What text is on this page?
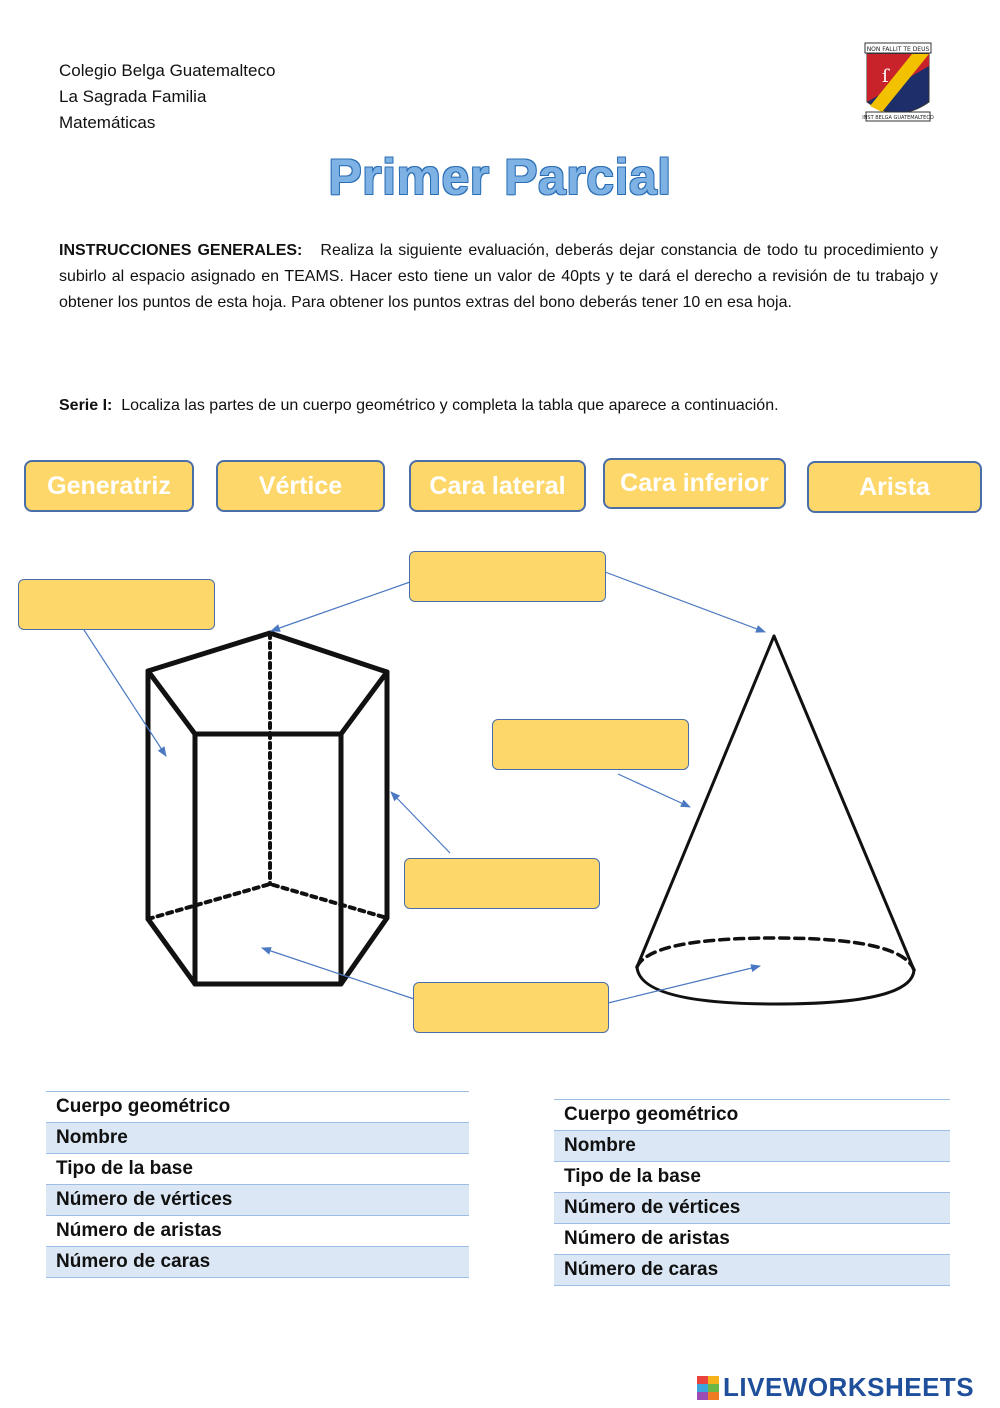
Colegio Belga Guatemalteco
La Sagrada Familia
Matemáticas
NON FALLIT TE DEUS
ſ
INST BELGA GUATEMALTECO
Primer Parcial
INSTRUCCIONES GENERALES: Realiza la siguiente evaluación, deberás dejar constancia de todo tu procedimiento y subirlo al espacio asignado en TEAMS. Hacer esto tiene un valor de 40pts y te dará el derecho a revisión de tu trabajo y obtener los puntos de esta hoja. Para obtener los puntos extras del bono deberás tener 10 en esa hoja.
Serie I: Localiza las partes de un cuerpo geométrico y completa la tabla que aparece a continuación.
Generatriz	Vértice	Cara lateral	Cara inferior	Arista
Cuerpo geométrico
Nombre
Tipo de la base
Número de vértices
Número de aristas
Número de caras
Cuerpo geométrico
Nombre
Tipo de la base
Número de vértices
Número de aristas
Número de caras
LIVEWORKSHEETS
